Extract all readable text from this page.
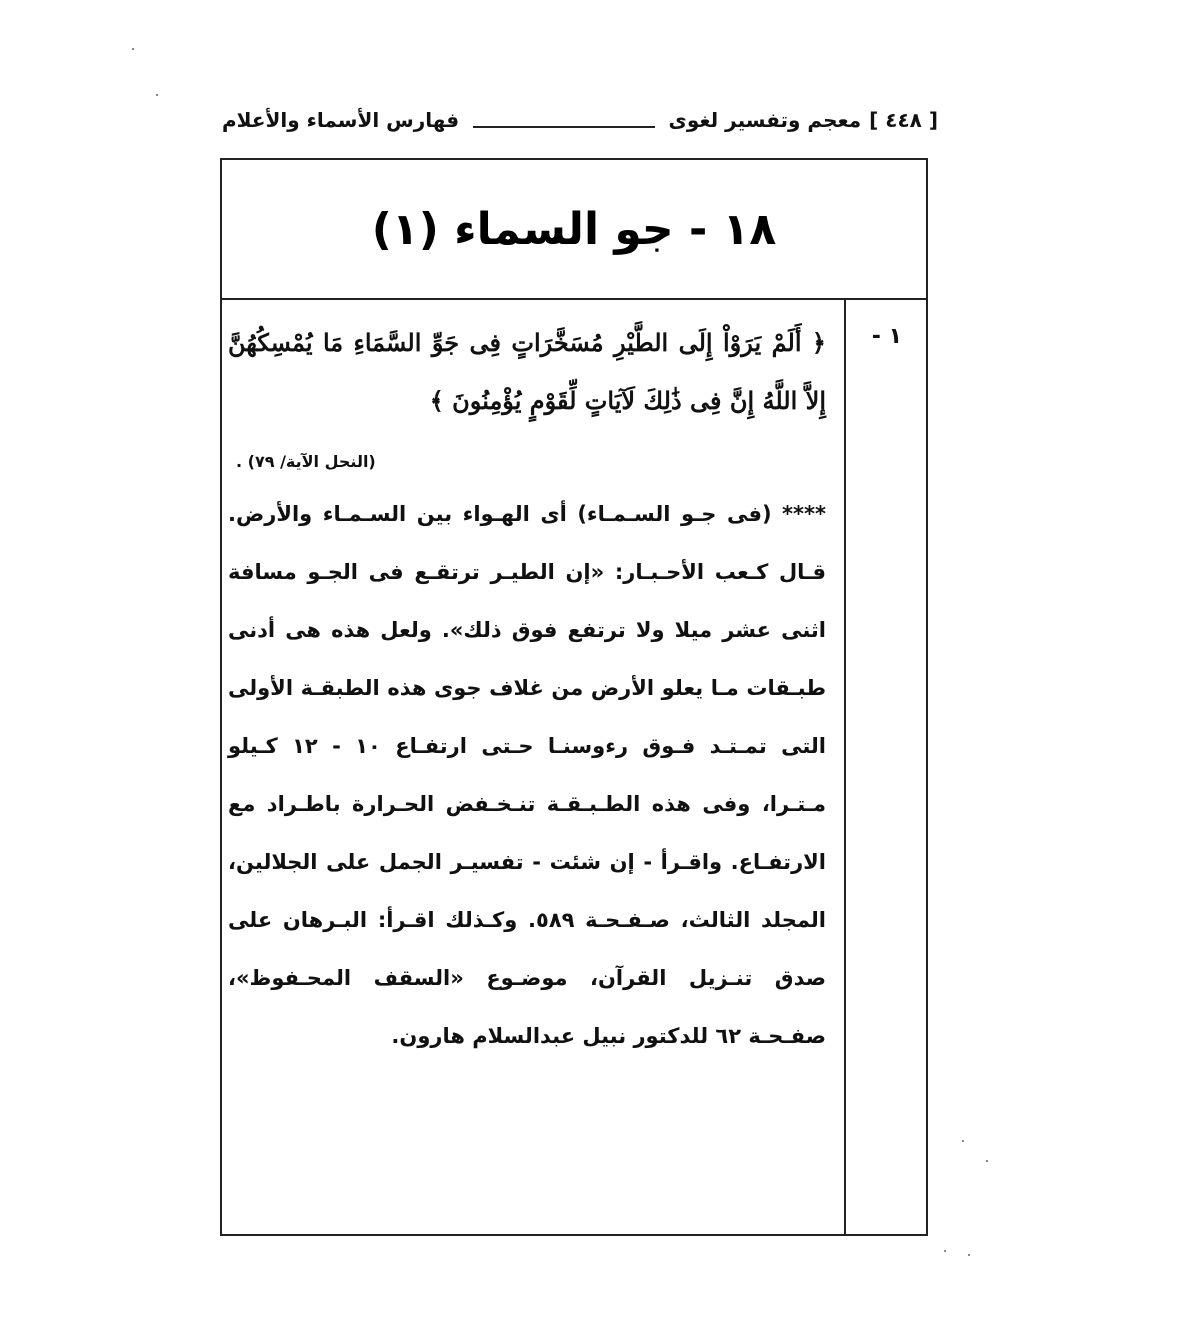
[ ٤٤٨ ]
معجم وتفسير لغوى
فهارس الأسماء والأعلام
١٨ - جو السماء (١)
١ -

﴿ أَلَمْ يَرَوْاْ إِلَى الطَّيْرِ مُسَخَّرَاتٍ فِى جَوِّ السَّمَاءِ مَا يُمْسِكُهُنَّ إِلاَّ اللَّهُ إِنَّ فِى ذَٰلِكَ لَآيَاتٍ لِّقَوْمٍ يُؤْمِنُونَ ﴾

(النحل الآية/ ٧٩) .

**** (فى جـو السـمـاء) أى الهـواء بين السـمـاء والأرض. قـال كـعب الأحـبـار: «إن الطيـر ترتقـع فى الجـو مسافة اثنى عشر ميلا ولا ترتفع فوق ذلك». ولعل هذه هى أدنى طبـقات مـا يعلو الأرض من غلاف جوى هذه الطبقـة الأولى التى تمـتـد فـوق رءوسنـا حـتى ارتفـاع ١٠ - ١٢ كـيلو مـتـرا، وفى هذه الطـبـقـة تنـخـفض الحـرارة باطـراد مع الارتفـاع. واقـرأ - إن شئت - تفسيـر الجمل على الجلالين، المجلد الثالث، صـفـحـة ٥٨٩. وكـذلك اقـرأ: البـرهان على صدق تنـزيل القرآن، موضـوع «السقف المحـفوظ»، صفـحـة ٦٢ للدكتور نبيل عبدالسلام هارون.
